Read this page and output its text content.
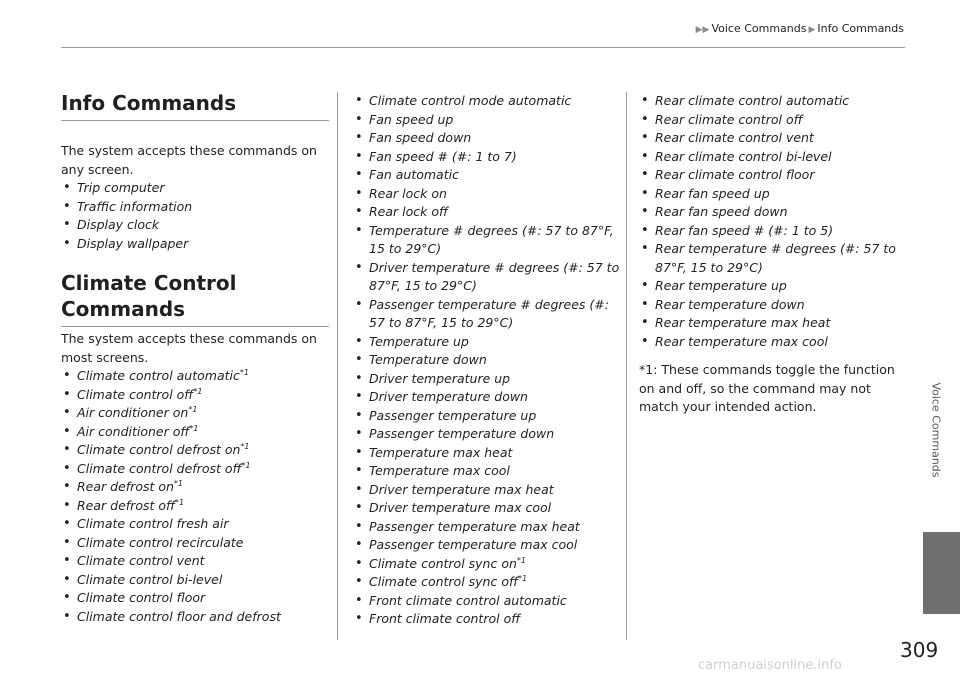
▶▶ Voice Commands ▶ Info Commands
Info Commands
The system accepts these commands on any screen.
• Trip computer
• Traffic information
• Display clock
• Display wallpaper
Climate Control Commands
The system accepts these commands on most screens.
• Climate control automatic$^{*1}$
• Climate control off$^{*1}$
• Air conditioner $on^{*1}$
• Air conditioner off$^{*1}$
• Climate control defrost $on^{*1}$
• Climate control defrost off$^{*1}$
• Rear defrost $on^{*1}$
• Rear defrost off$^{*1}$
• Climate control fresh air
• Climate control recirculate
• Climate control vent
• Climate control bi-level
• Climate control floor
• Climate control floor and defrost
• Climate control mode automatic
• Fan speed up
• Fan speed down
• Fan speed # (#: 1 to 7)
• Fan automatic
• Rear lock on
• Rear lock off
• Temperature # degrees (#: 57 to 87°F, 15 to 29°C)
• Driver temperature # degrees (#: 57 to 87°F, 15 to 29°C)
• Passenger temperature # degrees (#: 57 to 87°F, 15 to 29°C)
• Temperature up
• Temperature down
• Driver temperature up
• Driver temperature down
• Passenger temperature up
• Passenger temperature down
• Temperature max heat
• Temperature max cool
• Driver temperature max heat
• Driver temperature max cool
• Passenger temperature max heat
• Passenger temperature max cool
• Climate control sync $on^{*1}$
• Climate control sync off$^{*1}$
• Front climate control automatic
• Front climate control off
• Rear climate control automatic
• Rear climate control off
• Rear climate control vent
• Rear climate control bi-level
• Rear climate control floor
• Rear fan speed up
• Rear fan speed down
• Rear fan speed # (#: 1 to 5)
• Rear temperature # degrees (#: 57 to 87°F, 15 to 29°C)
• Rear temperature up
• Rear temperature down
• Rear temperature max heat
• Rear temperature max cool
*1: These commands toggle the function on and off, so the command may not match your intended action.	Voice Commands
309
carmanualsonline.info
